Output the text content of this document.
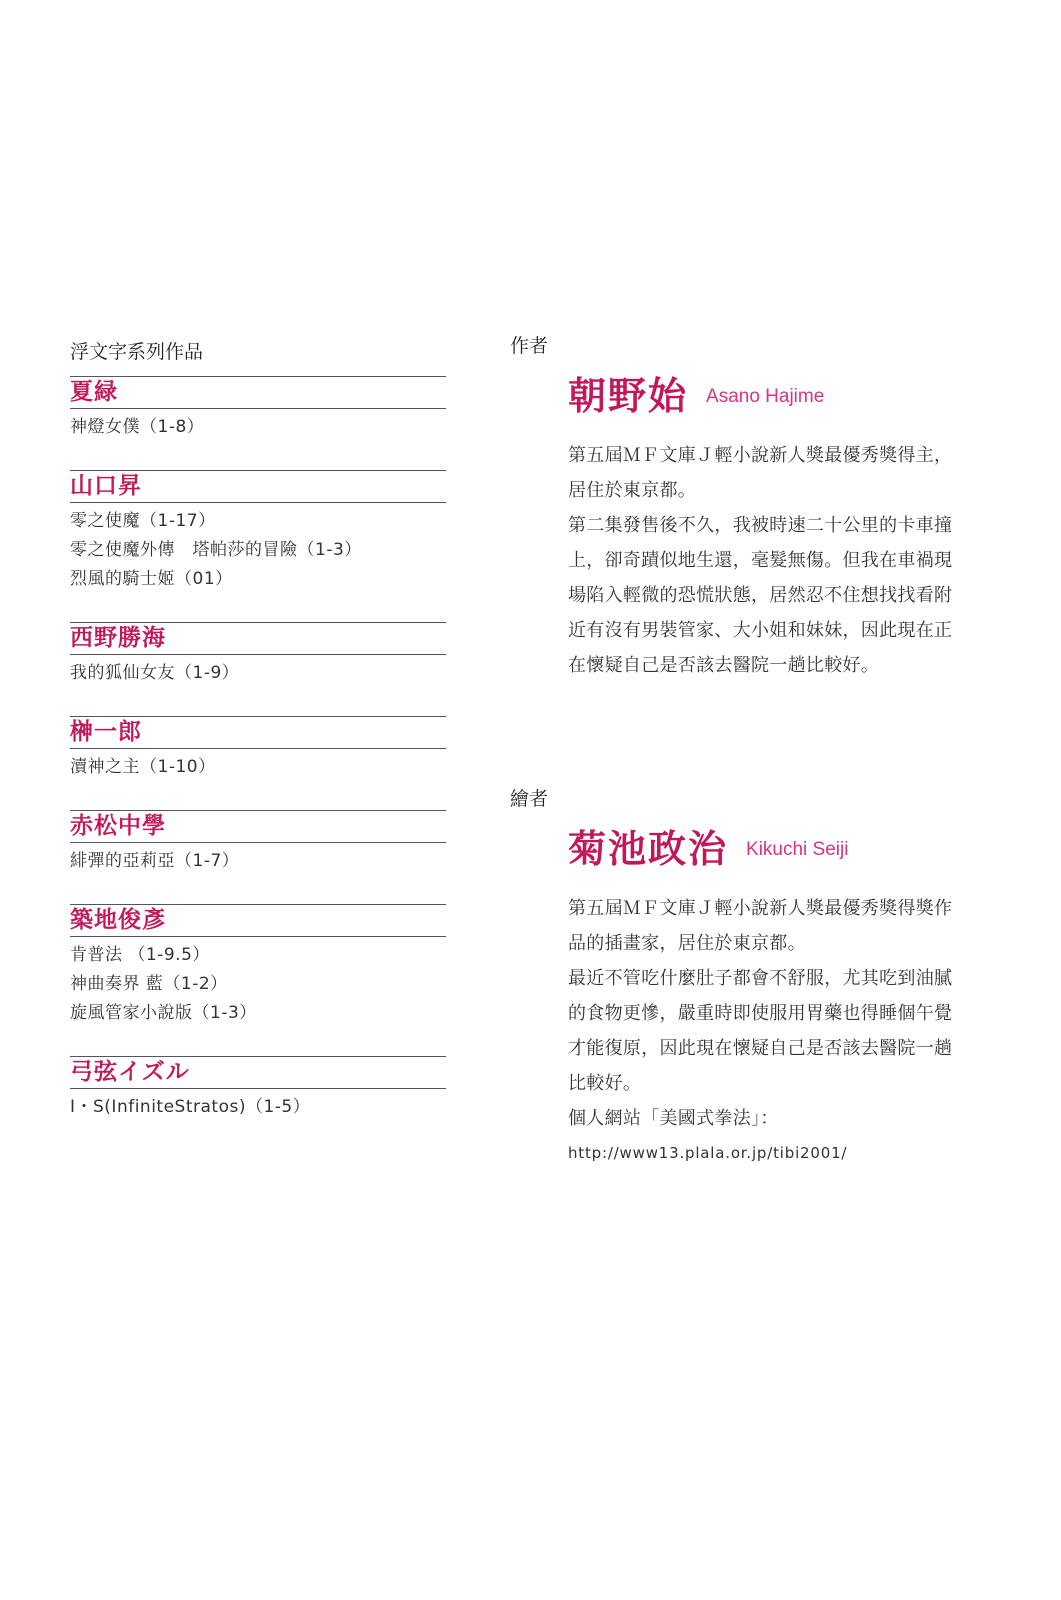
浮文字系列作品
夏緑
神燈女僕（1-8）
山口昇
零之使魔（1-17）
零之使魔外傳　塔帕莎的冒險（1-3）
烈風的騎士姬（01）
西野勝海
我的狐仙女友（1-9）
榊一郎
瀆神之主（1-10）
赤松中學
緋彈的亞莉亞（1-7）
築地俊彥
肯普法 （1-9.5）
神曲奏界 藍（1-2）
旋風管家小說版（1-3）
弓弦イズル
I・S(InfiniteStratos)（1-5）
作者
朝野始 Asano Hajime

第五屆ＭＦ文庫Ｊ輕小說新人獎最優秀獎得主，

居住於東京都。

第二集發售後不久，我被時速二十公里的卡車撞

上，卻奇蹟似地生還，毫髮無傷。但我在車禍現

場陷入輕微的恐慌狀態，居然忍不住想找找看附

近有沒有男裝管家、大小姐和妹妹，因此現在正

在懷疑自己是否該去醫院一趟比較好。

繪者
菊池政治 Kikuchi Seiji

第五屆ＭＦ文庫Ｊ輕小說新人獎最優秀獎得獎作

品的插畫家，居住於東京都。

最近不管吃什麼肚子都會不舒服，尤其吃到油膩

的食物更慘，嚴重時即使服用胃藥也得睡個午覺

才能復原，因此現在懷疑自己是否該去醫院一趟

比較好。

個人網站「美國式拳法」：

http://www13.plala.or.jp/tibi2001/
